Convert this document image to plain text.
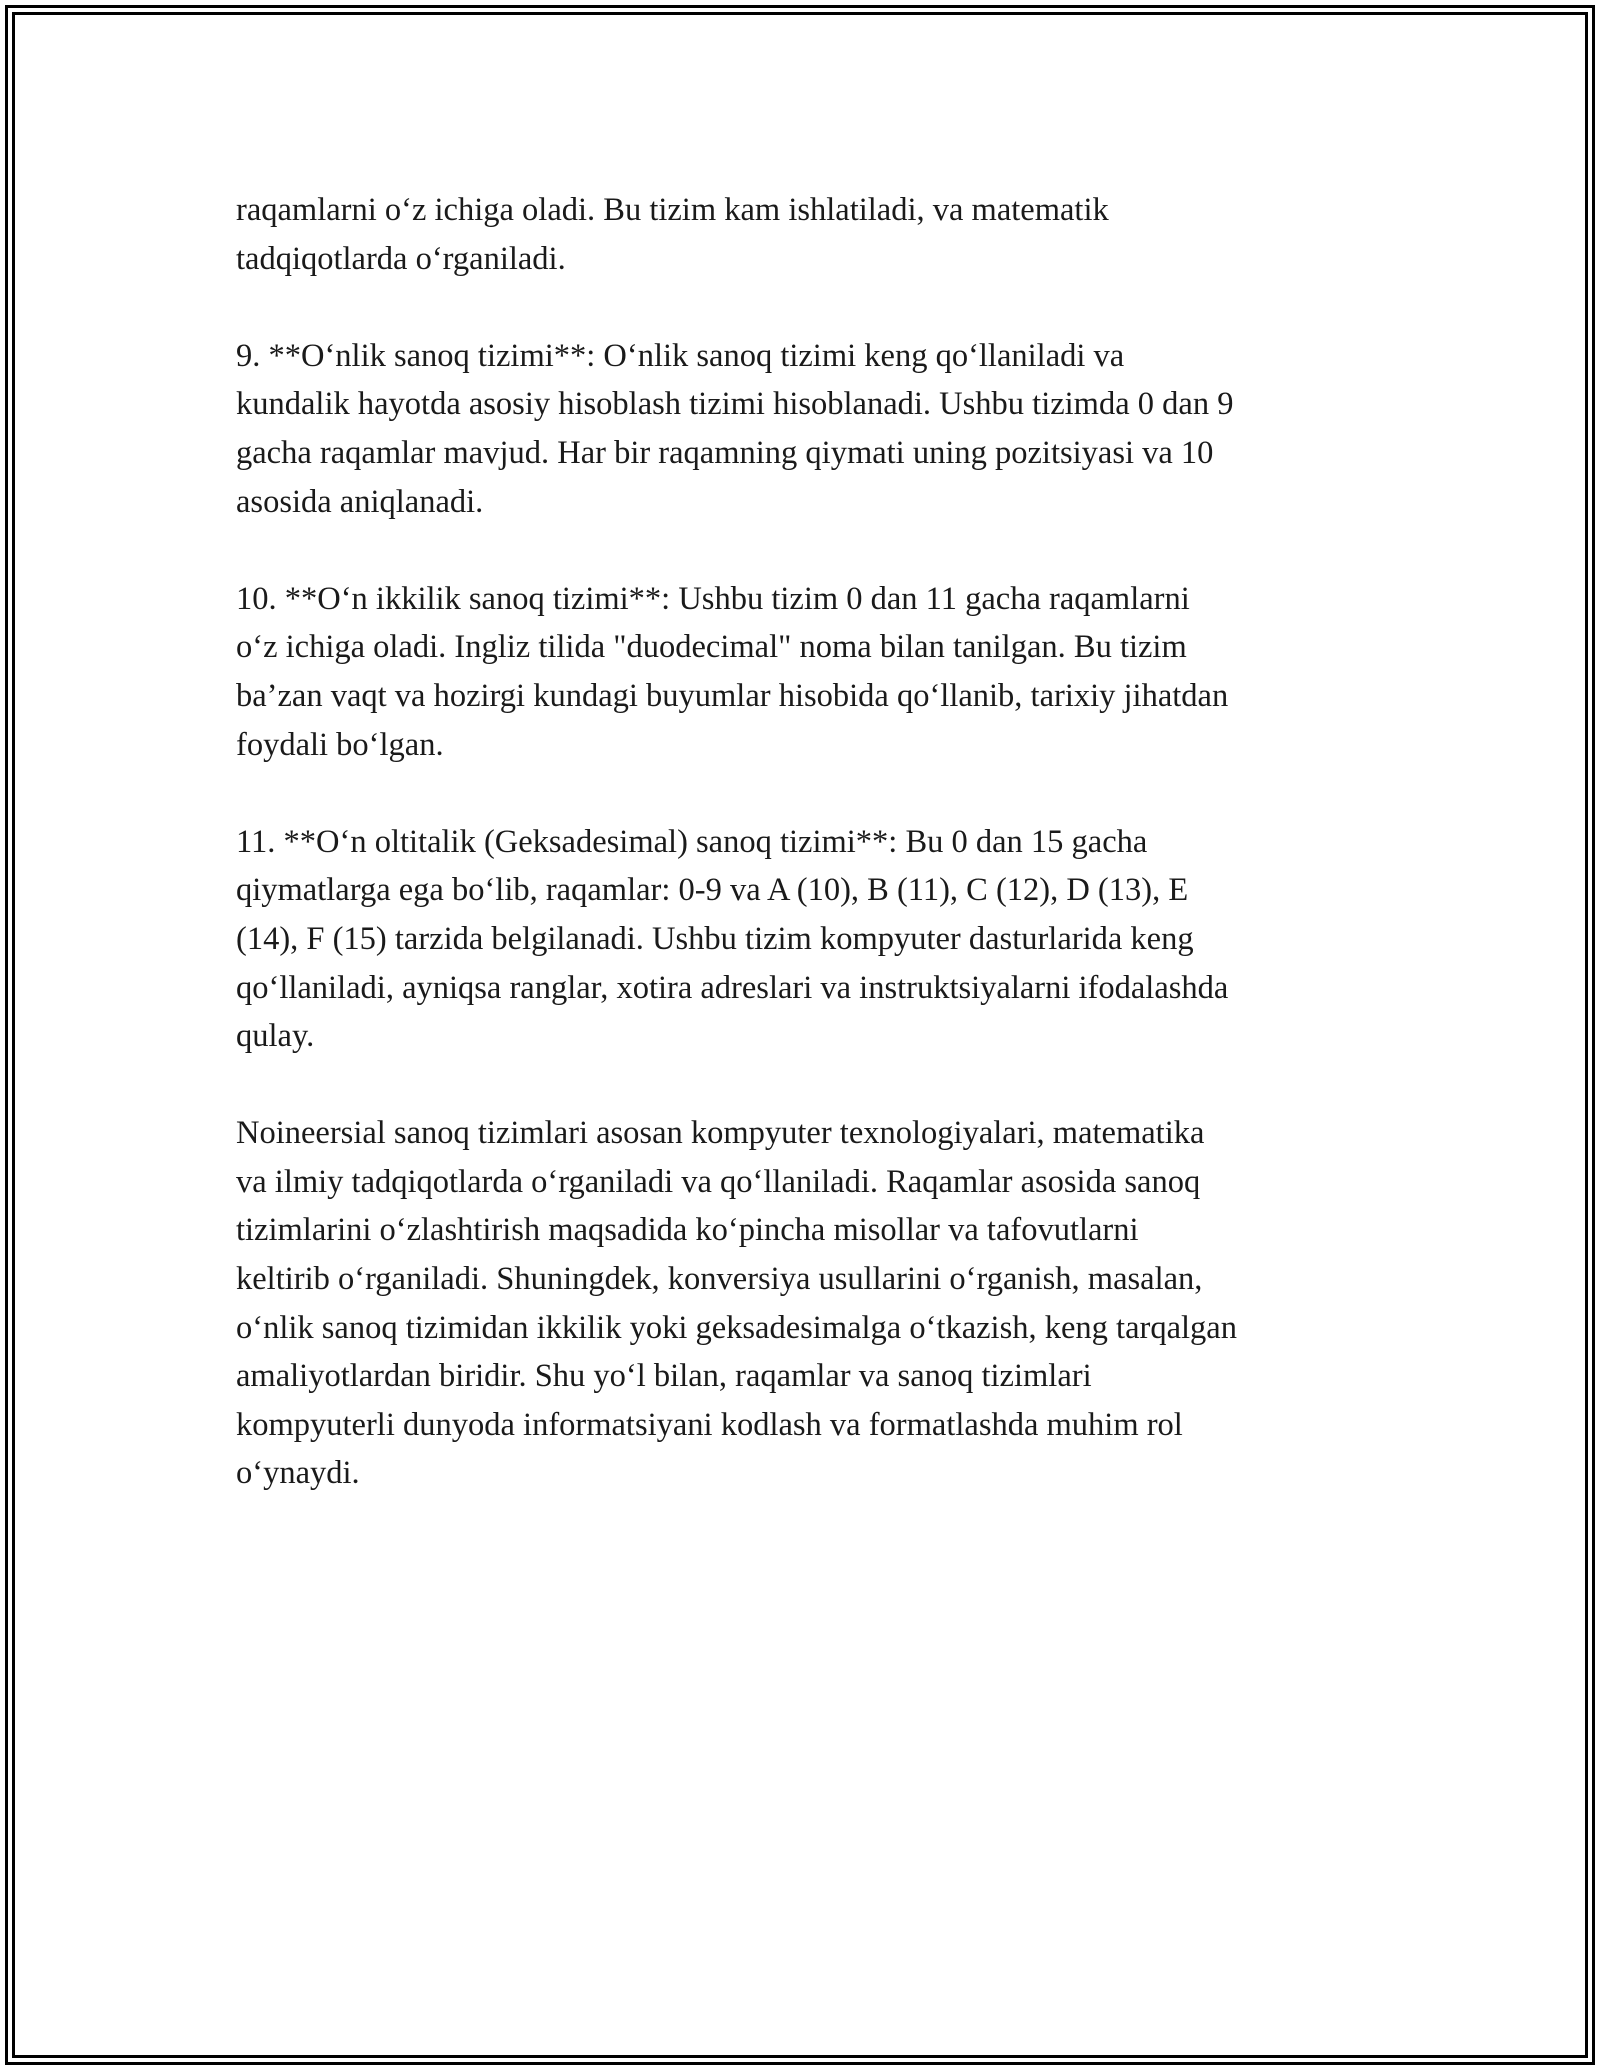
raqamlarni o‘z ichiga oladi. Bu tizim kam ishlatiladi, va matematik
tadqiqotlarda o‘rganiladi.

9. **O‘nlik sanoq tizimi**: O‘nlik sanoq tizimi keng qo‘llaniladi va
kundalik hayotda asosiy hisoblash tizimi hisoblanadi. Ushbu tizimda 0 dan 9
gacha raqamlar mavjud. Har bir raqamning qiymati uning pozitsiyasi va 10
asosida aniqlanadi.

10. **O‘n ikkilik sanoq tizimi**: Ushbu tizim 0 dan 11 gacha raqamlarni
o‘z ichiga oladi. Ingliz tilida "duodecimal" noma bilan tanilgan. Bu tizim
ba’zan vaqt va hozirgi kundagi buyumlar hisobida qo‘llanib, tarixiy jihatdan
foydali bo‘lgan.

11. **O‘n oltitalik (Geksadesimal) sanoq tizimi**: Bu 0 dan 15 gacha
qiymatlarga ega bo‘lib, raqamlar: 0-9 va A (10), B (11), C (12), D (13), E
(14), F (15) tarzida belgilanadi. Ushbu tizim kompyuter dasturlarida keng
qo‘llaniladi, ayniqsa ranglar, xotira adreslari va instruktsiyalarni ifodalashda
qulay.

Noineersial sanoq tizimlari asosan kompyuter texnologiyalari, matematika
va ilmiy tadqiqotlarda o‘rganiladi va qo‘llaniladi. Raqamlar asosida sanoq
tizimlarini o‘zlashtirish maqsadida ko‘pincha misollar va tafovutlarni
keltirib o‘rganiladi. Shuningdek, konversiya usullarini o‘rganish, masalan,
o‘nlik sanoq tizimidan ikkilik yoki geksadesimalga o‘tkazish, keng tarqalgan
amaliyotlardan biridir. Shu yo‘l bilan, raqamlar va sanoq tizimlari
kompyuterli dunyoda informatsiyani kodlash va formatlashda muhim rol
o‘ynaydi.
